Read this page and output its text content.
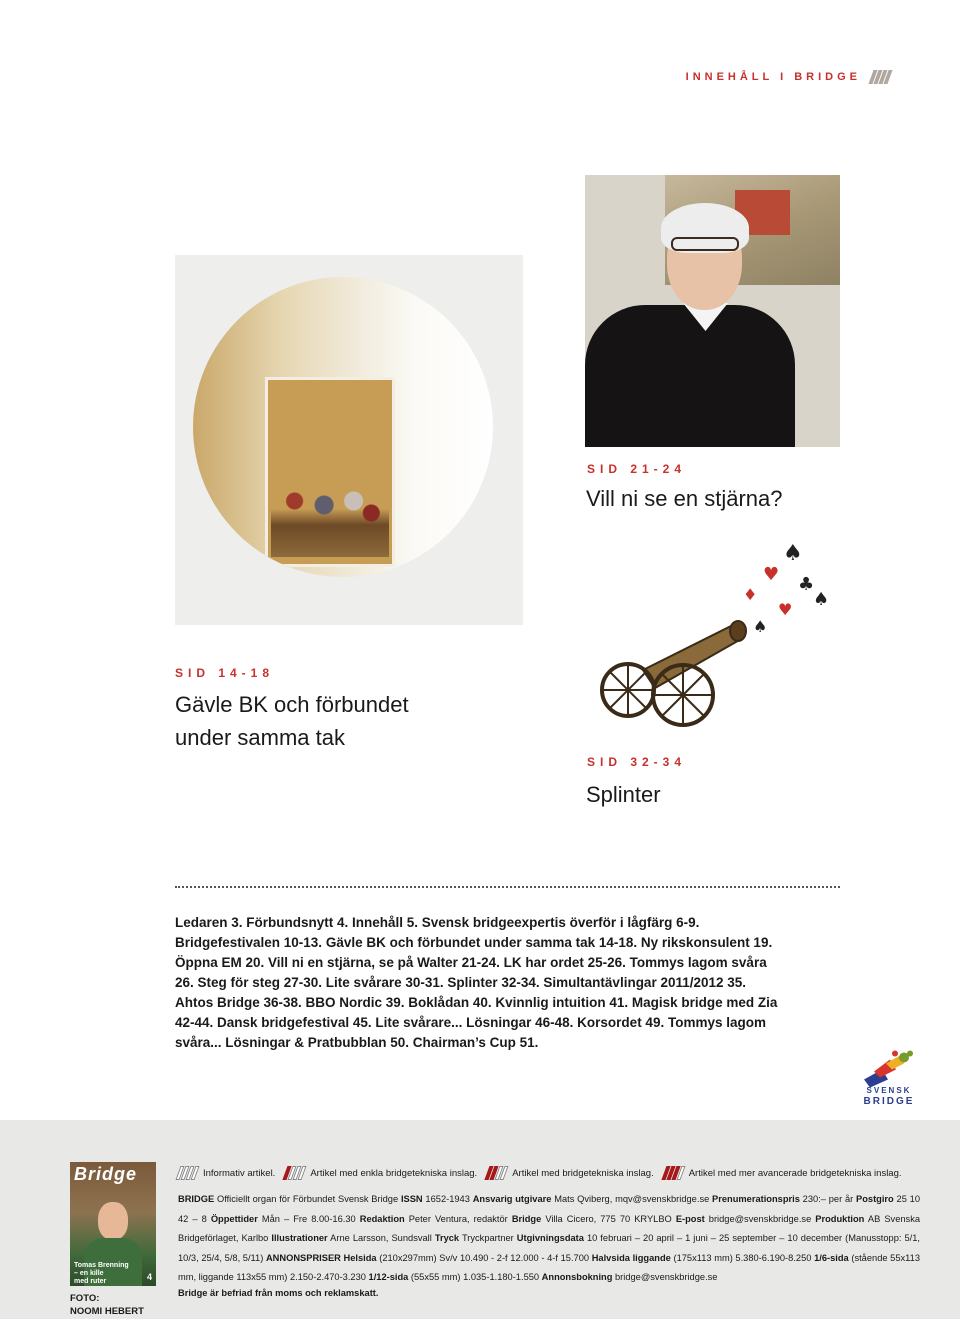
INNEHÅLL I BRIDGE
SID 21-24
Vill ni se en stjärna?
SID 14-18
Gävle BK och förbundet
under samma tak
♠
♥ ♣
♦
♥ ♠
♠
SID 32-34
Splinter
Ledaren 3. Förbundsnytt 4. Innehåll 5. Svensk bridgeexpertis överför i lågfärg 6-9. Bridgefestivalen 10-13. Gävle BK och förbundet under samma tak 14-18. Ny rikskonsulent 19. Öppna EM 20. Vill ni en stjärna, se på Walter 21-24. LK har ordet 25-26. Tommys lagom svåra 26. Steg för steg 27-30. Lite svårare 30-31. Splinter 32-34. Simultantävlingar 2011/2012 35. Ahtos Bridge 36-38. BBO Nordic 39. Boklådan 40. Kvinnlig intuition 41. Magisk bridge med Zia 42-44. Dansk bridgefestival 45. Lite svårare... Lösningar 46-48. Korsordet 49. Tommys lagom svåra... Lösningar & Pratbubblan 50. Chairman’s Cup 51.
SVENSK
BRIDGE
Bridge
Tomas Brenning
– en kille
med ruter	4
FOTO:
NOOMI HEBERT
Informativ artikel.	Artikel med enkla bridgetekniska inslag.	Artikel med bridgetekniska inslag.	Artikel med mer avancerade bridgetekniska inslag.
BRIDGE Officiellt organ för Förbundet Svensk Bridge ISSN 1652-1943 Ansvarig utgivare Mats Qviberg, mqv@svenskbridge.se Prenumerationspris 230:– per år Postgiro 25 10 42 – 8 Öppettider Mån – Fre 8.00-16.30 Redaktion Peter Ventura, redaktör Bridge Villa Cicero, 775 70 KRYLBO E-post bridge@svenskbridge.se Produktion AB Svenska Bridgeförlaget, Karlbo Illustrationer Arne Larsson, Sundsvall Tryck Tryckpartner Utgivningsdata 10 februari – 20 april – 1 juni – 25 september – 10 december (Manusstopp: 5/1, 10/3, 25/4, 5/8, 5/11) ANNONSPRISER Helsida (210x297mm) Sv/v 10.490 - 2-f 12.000 - 4-f 15.700 Halvsida liggande (175x113 mm) 5.380-6.190-8.250 1/6-sida (stående 55x113 mm, liggande 113x55 mm) 2.150-2.470-3.230 1/12-sida (55x55 mm) 1.035-1.180-1.550 Annonsbokning bridge@svenskbridge.se
Bridge är befriad från moms och reklamskatt.
